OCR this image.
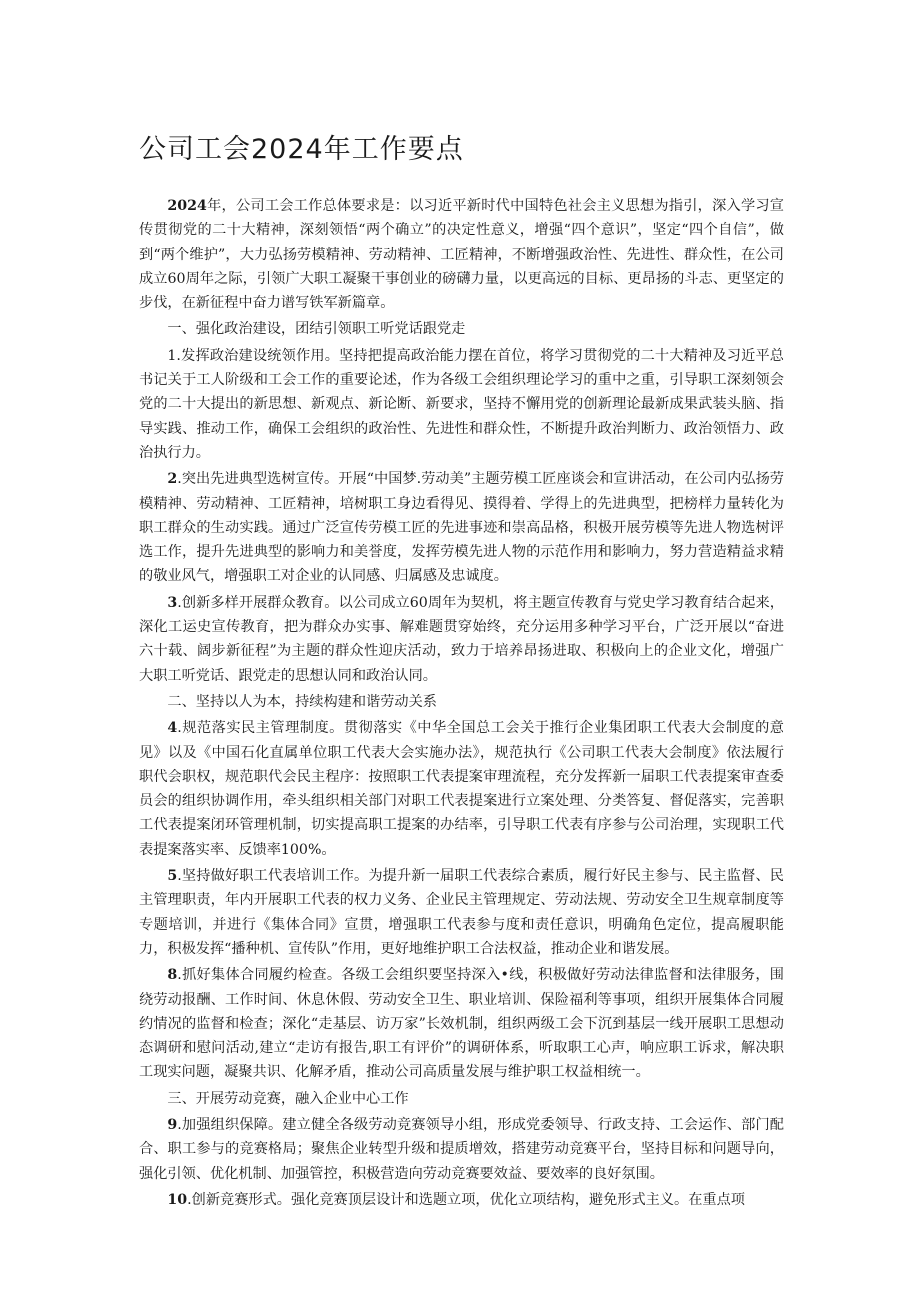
公司工会2024年工作要点

2024年，公司工会工作总体要求是：以习近平新时代中国特色社会主义思想为指引，深入学习宣传贯彻党的二十大精神，深刻领悟“两个确立”的决定性意义，增强“四个意识”，坚定“四个自信”，做到“两个维护”，大力弘扬劳模精神、劳动精神、工匠精神，不断增强政治性、先进性、群众性，在公司成立60周年之际，引领广大职工凝聚干事创业的磅礴力量，以更高远的目标、更昂扬的斗志、更坚定的步伐，在新征程中奋力谱写铁军新篇章。

一、强化政治建设，团结引领职工听党话跟党走

1.发挥政治建设统领作用。坚持把提高政治能力摆在首位，将学习贯彻党的二十大精神及习近平总书记关于工人阶级和工会工作的重要论述，作为各级工会组织理论学习的重中之重，引导职工深刻领会党的二十大提出的新思想、新观点、新论断、新要求，坚持不懈用党的创新理论最新成果武装头脑、指导实践、推动工作，确保工会组织的政治性、先进性和群众性，不断提升政治判断力、政治领悟力、政治执行力。

2.突出先进典型选树宣传。开展“中国梦.劳动美”主题劳模工匠座谈会和宣讲活动，在公司内弘扬劳模精神、劳动精神、工匠精神，培树职工身边看得见、摸得着、学得上的先进典型，把榜样力量转化为职工群众的生动实践。通过广泛宣传劳模工匠的先进事迹和崇高品格，积极开展劳模等先进人物选树评选工作，提升先进典型的影响力和美誉度，发挥劳模先进人物的示范作用和影响力，努力营造精益求精的敬业风气，增强职工对企业的认同感、归属感及忠诚度。

3.创新多样开展群众教育。以公司成立60周年为契机，将主题宣传教育与党史学习教育结合起来，深化工运史宣传教育，把为群众办实事、解难题贯穿始终，充分运用多种学习平台，广泛开展以“奋进六十载、阔步新征程”为主题的群众性迎庆活动，致力于培养昂扬进取、积极向上的企业文化，增强广大职工听党话、跟党走的思想认同和政治认同。

二、坚持以人为本，持续构建和谐劳动关系

4.规范落实民主管理制度。贯彻落实《中华全国总工会关于推行企业集团职工代表大会制度的意见》以及《中国石化直属单位职工代表大会实施办法》，规范执行《公司职工代表大会制度》依法履行职代会职权，规范职代会民主程序：按照职工代表提案审理流程，充分发挥新一届职工代表提案审查委员会的组织协调作用，牵头组织相关部门对职工代表提案进行立案处理、分类答复、督促落实，完善职工代表提案闭环管理机制，切实提高职工提案的办结率，引导职工代表有序参与公司治理，实现职工代表提案落实率、反馈率100%。

5.坚持做好职工代表培训工作。为提升新一届职工代表综合素质，履行好民主参与、民主监督、民主管理职责，年内开展职工代表的权力义务、企业民主管理规定、劳动法规、劳动安全卫生规章制度等专题培训，并进行《集体合同》宣贯，增强职工代表参与度和责任意识，明确角色定位，提高履职能力，积极发挥“播种机、宣传队”作用，更好地维护职工合法权益，推动企业和谐发展。

8.抓好集体合同履约检查。各级工会组织要坚持深入•线，积极做好劳动法律监督和法律服务，围绕劳动报酬、工作时间、休息休假、劳动安全卫生、职业培训、保险福利等事项，组织开展集体合同履约情况的监督和检查；深化“走基层、访万家”长效机制，组织两级工会下沉到基层一线开展职工思想动态调研和慰问活动,建立“走访有报告,职工有评价”的调研体系，听取职工心声，响应职工诉求，解决职工现实问题，凝聚共识、化解矛盾，推动公司高质量发展与维护职工权益相统一。

三、开展劳动竞赛，融入企业中心工作

9.加强组织保障。建立健全各级劳动竞赛领导小组，形成党委领导、行政支持、工会运作、部门配合、职工参与的竞赛格局；聚焦企业转型升级和提质增效，搭建劳动竞赛平台，坚持目标和问题导向，强化引领、优化机制、加强管控，积极营造向劳动竞赛要效益、要效率的良好氛围。

10.创新竞赛形式。强化竞赛顶层设计和选题立项，优化立项结构，避免形式主义。在重点项
